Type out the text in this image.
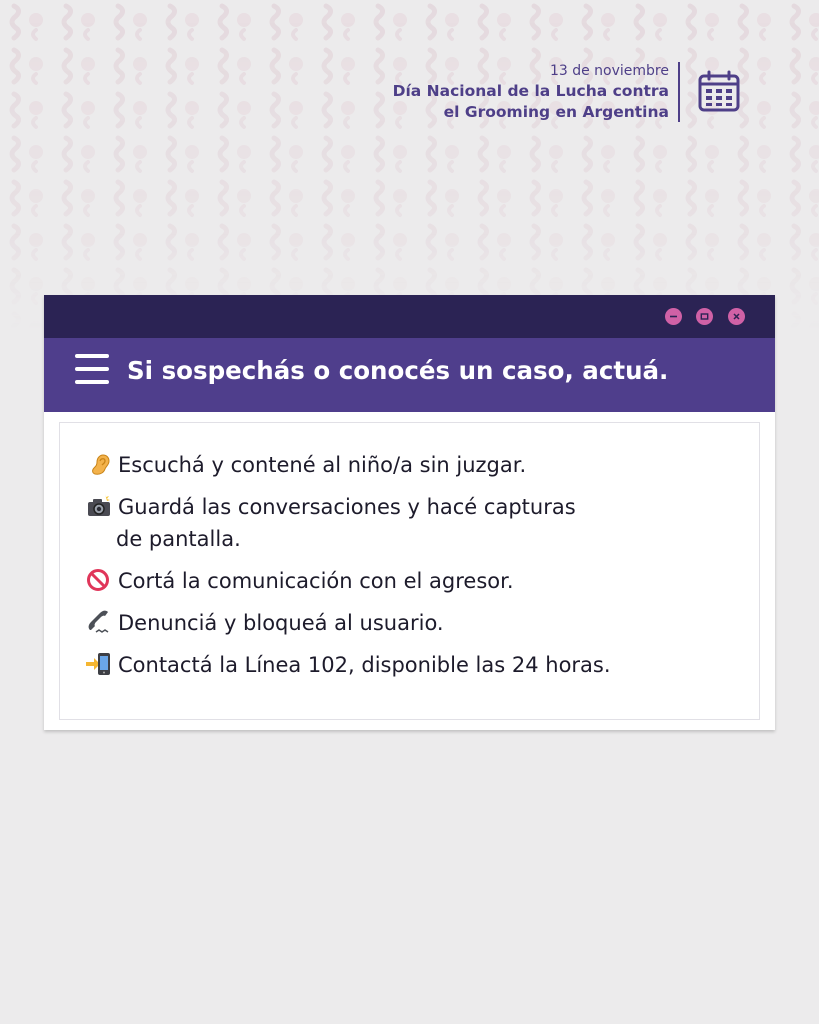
13 de noviembre
Día Nacional de la Lucha contra
el Grooming en Argentina
Si sospechás o conocés un caso, actuá.
Escuchá y contené al niño/a sin juzgar.
Guardá las conversaciones y hacé capturas
de pantalla.
Cortá la comunicación con el agresor.
Denunciá y bloqueá al usuario.
Contactá la Línea 102, disponible las 24 horas.
